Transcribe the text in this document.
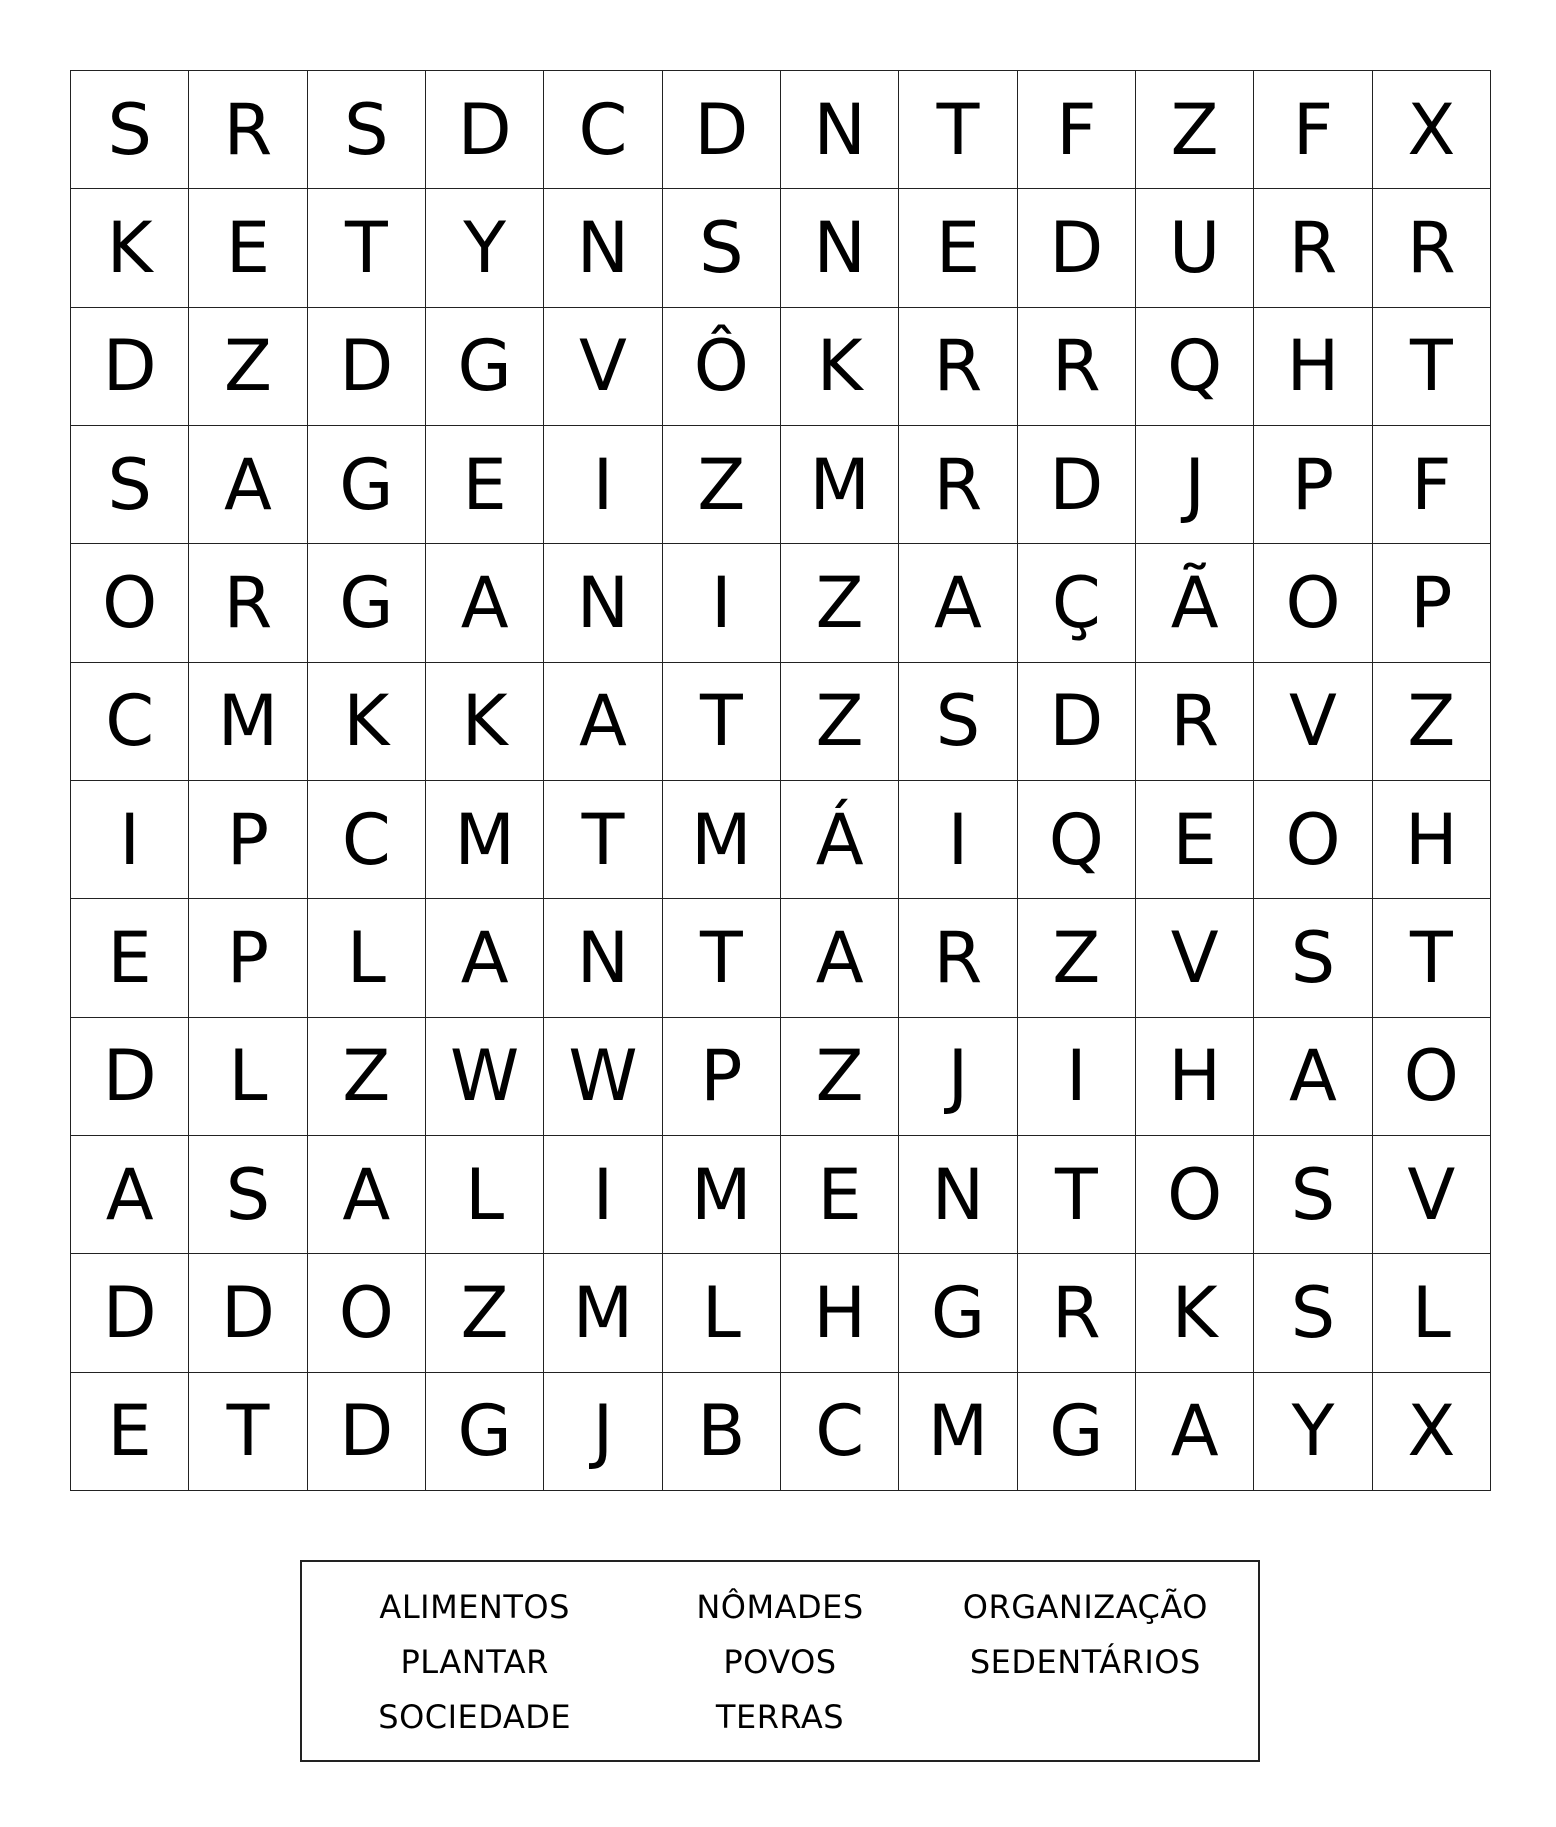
S	R	S D C D N	T	F	Z	F	X
K	E	T	Y	N S N	E D U R R
D Z D G V Ô K	R R Q H	T
S	A G E	I	Z M R D	J	P	F
O R G A N	I	Z	A Ç Ã O P
C M K	K	A	T	Z	S D R	V	Z
I	P	C M T M Á	I	Q E O H
E	P	L	A N	T	A	R	Z	V	S	T
D	L	Z W W P	Z	J	I	H A O
A	S	A	L	I	M E	N	T O S	V
D D O Z M L	H G R	K	S	L
E	T	D G	J	B C M G A	Y	X
ALIMENTOS
PLANTAR
SOCIEDADE
NÔMADES
POVOS
TERRAS
ORGANIZAÇÃO
SEDENTÁRIOS
